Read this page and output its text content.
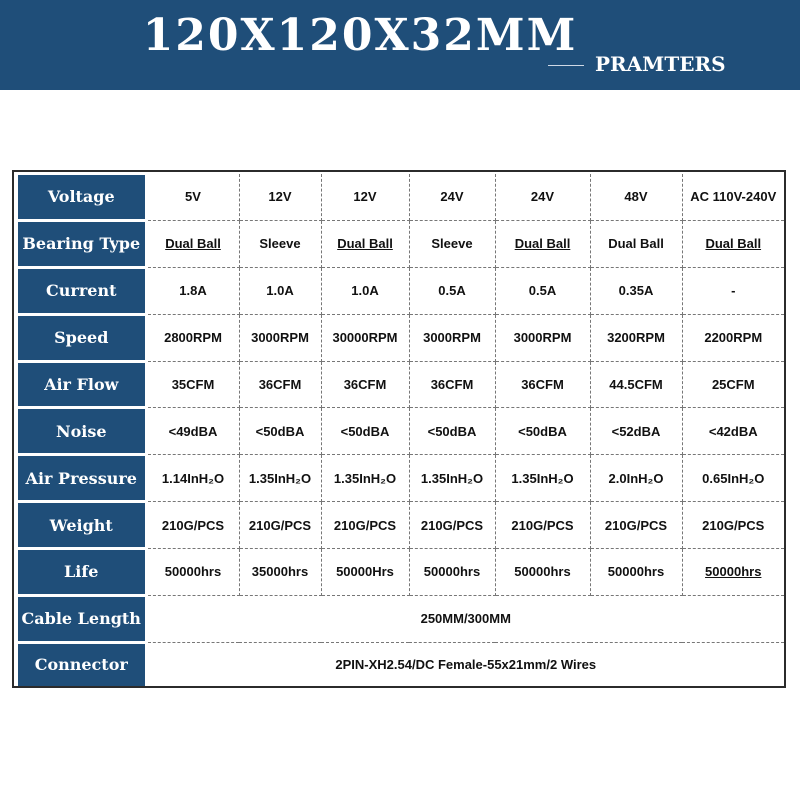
120X120X32MM
PRAMTERS
Voltage	5V	12V	12V	24V	24V	48V	AC 110V-240V
Bearing Type	Dual Ball	Sleeve	Dual Ball	Sleeve	Dual Ball	Dual Ball	Dual Ball
Current	1.8A	1.0A	1.0A	0.5A	0.5A	0.35A	-
Speed	2800RPM	3000RPM	30000RPM	3000RPM	3000RPM	3200RPM	2200RPM
Air Flow	35CFM	36CFM	36CFM	36CFM	36CFM	44.5CFM	25CFM
Noise	<49dBA	<50dBA	<50dBA	<50dBA	<50dBA	<52dBA	<42dBA
Air Pressure	1.14InH₂O	1.35InH₂O	1.35InH₂O	1.35InH₂O	1.35InH₂O	2.0InH₂O	0.65InH₂O
Weight	210G/PCS	210G/PCS	210G/PCS	210G/PCS	210G/PCS	210G/PCS	210G/PCS
Life	50000hrs	35000hrs	50000Hrs	50000hrs	50000hrs	50000hrs	50000hrs
Cable Length	250MM/300MM						
Connector	2PIN-XH2.54/DC Female-55x21mm/2 Wires						
